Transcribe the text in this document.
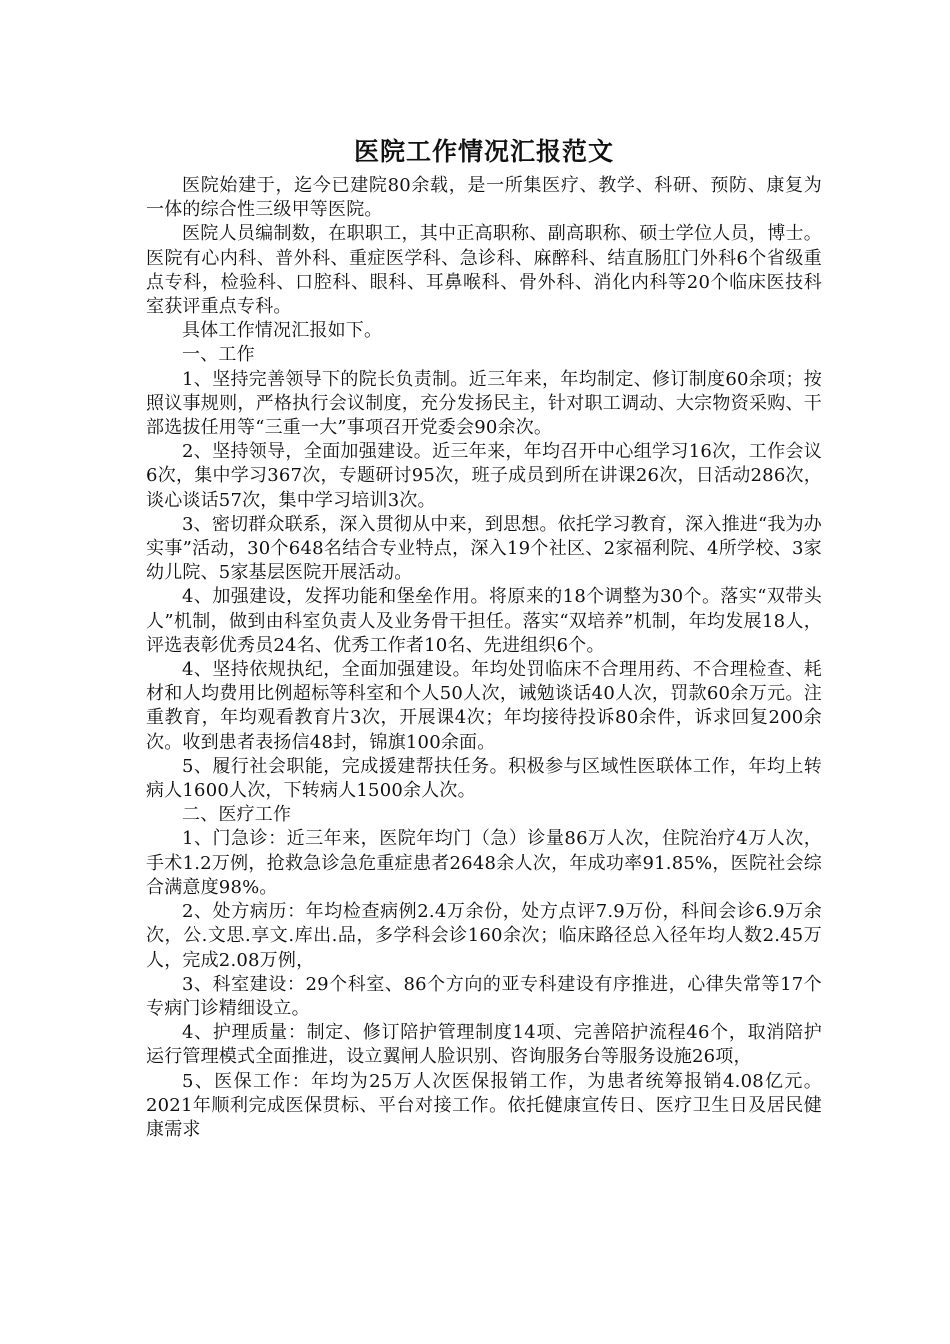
医院工作情况汇报范文

医院始建于，迄今已建院80余载，是一所集医疗、教学、科研、预防、康复为一体的综合性三级甲等医院。

医院人员编制数，在职职工，其中正高职称、副高职称、硕士学位人员，博士。医院有心内科、普外科、重症医学科、急诊科、麻醉科、结直肠肛门外科6个省级重点专科，检验科、口腔科、眼科、耳鼻喉科、骨外科、消化内科等20个临床医技科室获评重点专科。

具体工作情况汇报如下。

一、工作

1、坚持完善领导下的院长负责制。近三年来，年均制定、修订制度60余项；按照议事规则，严格执行会议制度，充分发扬民主，针对职工调动、大宗物资采购、干部选拔任用等“三重一大”事项召开党委会90余次。

2、坚持领导，全面加强建设。近三年来，年均召开中心组学习16次，工作会议6次，集中学习367次，专题研讨95次，班子成员到所在讲课26次，日活动286次，谈心谈话57次，集中学习培训3次。

3、密切群众联系，深入贯彻从中来，到思想。依托学习教育，深入推进“我为办实事”活动，30个648名结合专业特点，深入19个社区、2家福利院、4所学校、3家幼儿院、5家基层医院开展活动。

4、加强建设，发挥功能和堡垒作用。将原来的18个调整为30个。落实“双带头人”机制，做到由科室负责人及业务骨干担任。落实“双培养”机制，年均发展18人，评选表彰优秀员24名、优秀工作者10名、先进组织6个。

4、坚持依规执纪，全面加强建设。年均处罚临床不合理用药、不合理检查、耗材和人均费用比例超标等科室和个人50人次，诫勉谈话40人次，罚款60余万元。注重教育，年均观看教育片3次，开展课4次；年均接待投诉80余件，诉求回复200余次。收到患者表扬信48封，锦旗100余面。

5、履行社会职能，完成援建帮扶任务。积极参与区域性医联体工作，年均上转病人1600人次，下转病人1500余人次。

二、医疗工作

1、门急诊：近三年来，医院年均门（急）诊量86万人次，住院治疗4万人次，手术1.2万例，抢救急诊急危重症患者2648余人次，年成功率91.85%，医院社会综合满意度98%。

2、处方病历：年均检查病例2.4万余份，处方点评7.9万份，科间会诊6.9万余次，公.文思.享文.库出.品，多学科会诊160余次；临床路径总入径年均人数2.45万人，完成2.08万例，

3、科室建设：29个科室、86个方向的亚专科建设有序推进，心律失常等17个专病门诊精细设立。

4、护理质量：制定、修订陪护管理制度14项、完善陪护流程46个，取消陪护运行管理模式全面推进，设立翼闸人脸识别、咨询服务台等服务设施26项，

5、医保工作：年均为25万人次医保报销工作，为患者统筹报销4.08亿元。2021年顺利完成医保贯标、平台对接工作。依托健康宣传日、医疗卫生日及居民健康需求
